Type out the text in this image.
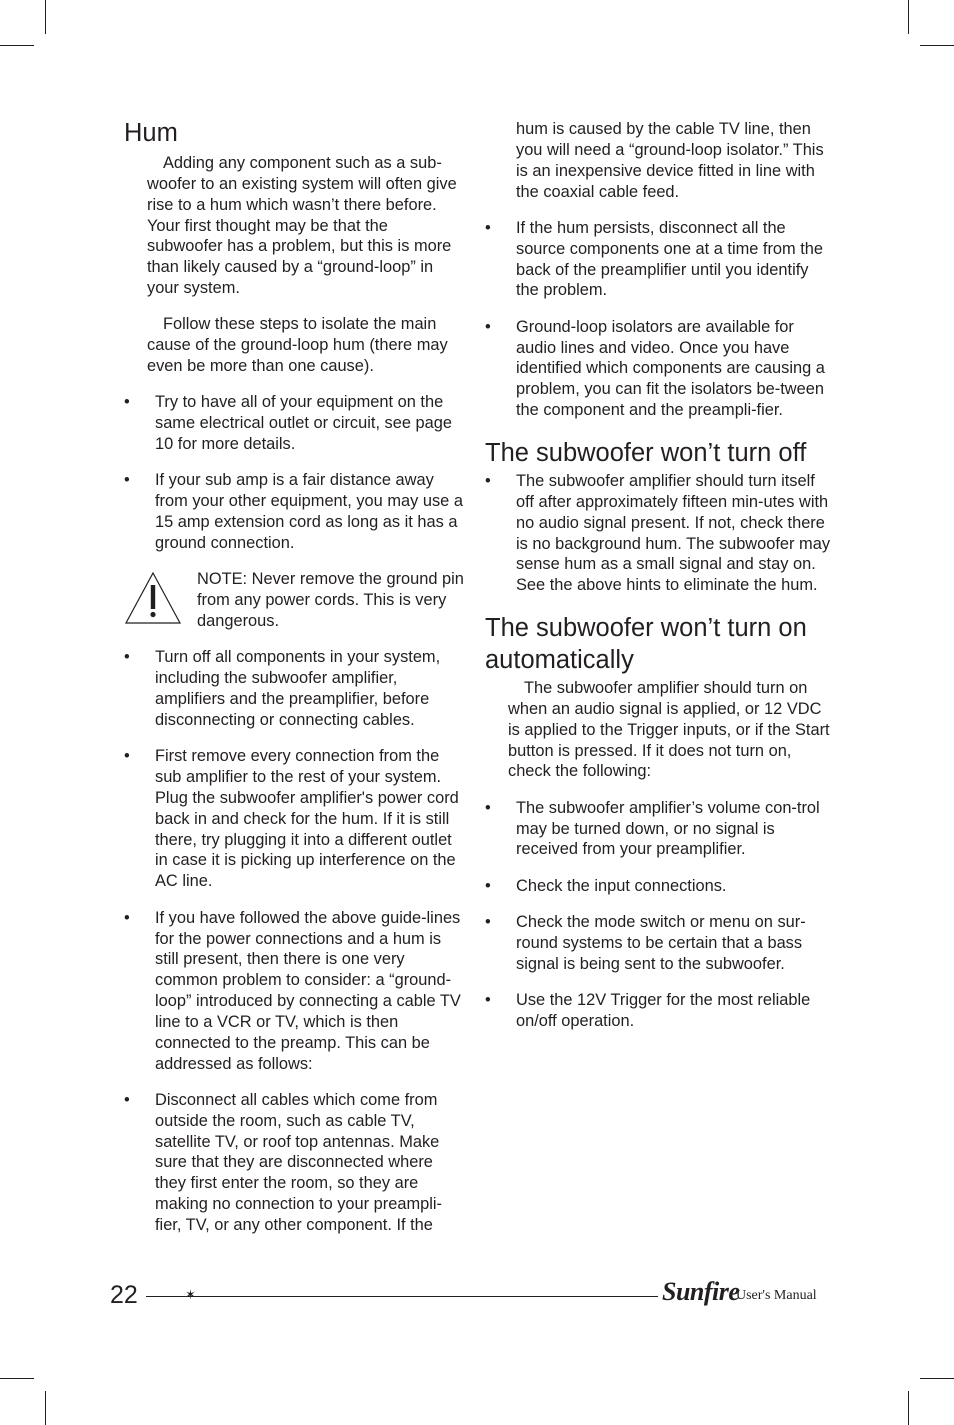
Hum

Adding any component such as a sub-woofer to an existing system will often give rise to a hum which wasn’t there before. Your first thought may be that the subwoofer has a problem, but this is more than likely caused by a “ground-loop” in your system.

Follow these steps to isolate the main cause of the ground-loop hum (there may even be more than one cause).

• Try to have all of your equipment on the same electrical outlet or circuit, see page 10 for more details.
• If your sub amp is a fair distance away from your other equipment, you may use a 15 amp extension cord as long as it has a ground connection.
NOTE: Never remove the ground pin from any power cords. This is very dangerous.
• Turn off all components in your system, including the subwoofer amplifier, amplifiers and the preamplifier, before disconnecting or connecting cables.
• First remove every connection from the sub amplifier to the rest of your system. Plug the subwoofer amplifier's power cord back in and check for the hum. If it is still there, try plugging it into a different outlet in case it is picking up interference on the AC line.
• If you have followed the above guide-lines for the power connections and a hum is still present, then there is one very common problem to consider: a “ground-loop” introduced by connecting a cable TV line to a VCR or TV, which is then connected to the preamp. This can be addressed as follows:
• Disconnect all cables which come from outside the room, such as cable TV, satellite TV, or roof top antennas. Make sure that they are disconnected where they first enter the room, so they are making no connection to your preampli-fier, TV, or any other component. If the
hum is caused by the cable TV line, then you will need a “ground-loop isolator.” This is an inexpensive device fitted in line with the coaxial cable feed.
• If the hum persists, disconnect all the source components one at a time from the back of the preamplifier until you identify the problem.
• Ground-loop isolators are available for audio lines and video. Once you have identified which components are causing a problem, you can fit the isolators be-tween the component and the preampli-fier.
The subwoofer won’t turn off
• The subwoofer amplifier should turn itself off after approximately fifteen min-utes with no audio signal present. If not, check there is no background hum. The subwoofer may sense hum as a small signal and stay on. See the above hints to eliminate the hum.
The subwoofer won’t turn on automatically

The subwoofer amplifier should turn on when an audio signal is applied, or 12 VDC is applied to the Trigger inputs, or if the Start button is pressed. If it does not turn on, check the following:

• The subwoofer amplifier’s volume con-trol may be turned down, or no signal is received from your preamplifier.
• Check the input connections.
• Check the mode switch or menu on sur-round systems to be certain that a bass signal is being sent to the subwoofer.
• Use the 12V Trigger for the most reliable on/off operation.
22	✶	Sunfire
User's Manual
